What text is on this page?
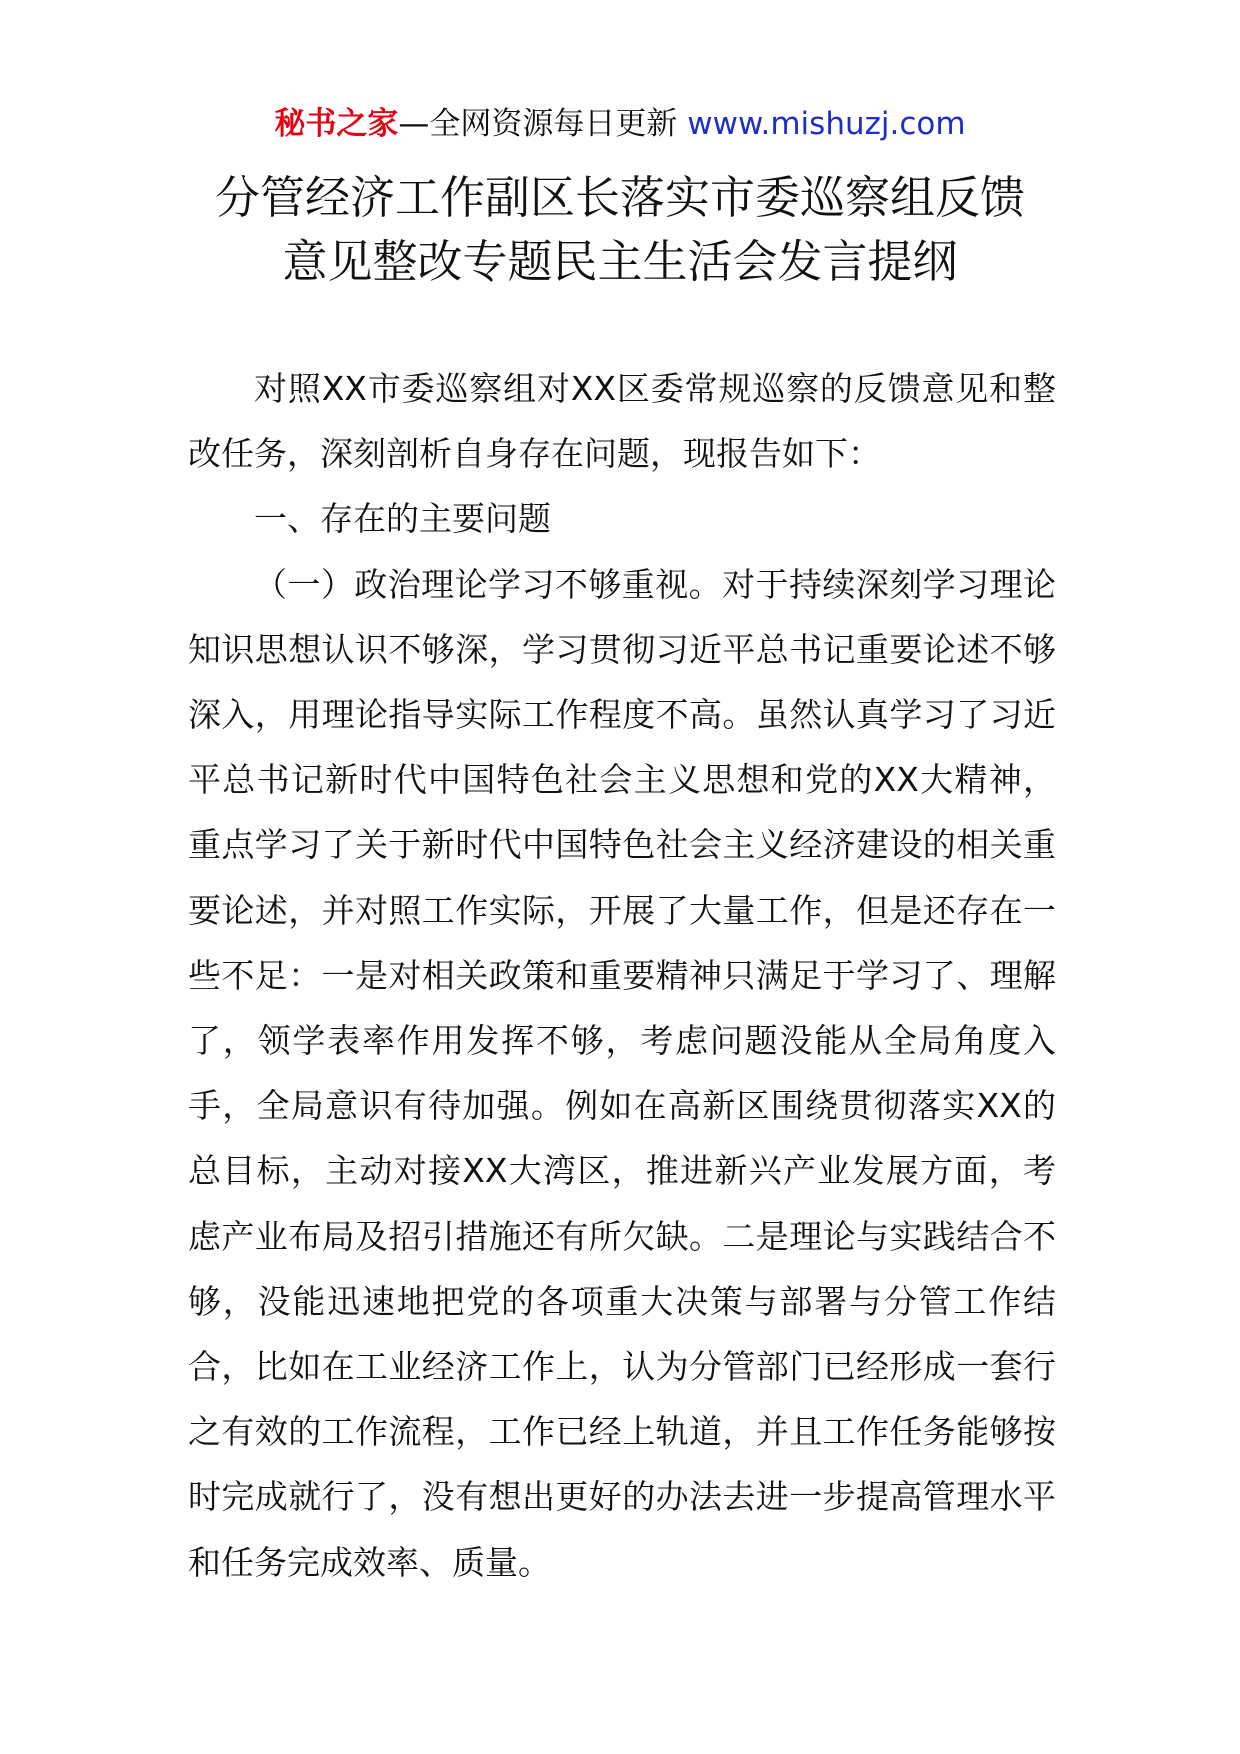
秘书之家—全网资源每日更新 www.mishuzj.com
分管经济工作副区长落实市委巡察组反馈
意见整改专题民主生活会发言提纲

对照XX市委巡察组对XX区委常规巡察的反馈意见和整改任务，深刻剖析自身存在问题，现报告如下：

一、存在的主要问题

（一）政治理论学习不够重视。对于持续深刻学习理论知识思想认识不够深，学习贯彻习近平总书记重要论述不够深入，用理论指导实际工作程度不高。虽然认真学习了习近平总书记新时代中国特色社会主义思想和党的XX大精神，重点学习了关于新时代中国特色社会主义经济建设的相关重要论述，并对照工作实际，开展了大量工作，但是还存在一些不足：一是对相关政策和重要精神只满足于学习了、理解了，领学表率作用发挥不够，考虑问题没能从全局角度入手，全局意识有待加强。例如在高新区围绕贯彻落实XX的总目标，主动对接XX大湾区，推进新兴产业发展方面，考虑产业布局及招引措施还有所欠缺。二是理论与实践结合不够，没能迅速地把党的各项重大决策与部署与分管工作结合，比如在工业经济工作上，认为分管部门已经形成一套行之有效的工作流程，工作已经上轨道，并且工作任务能够按时完成就行了，没有想出更好的办法去进一步提高管理水平和任务完成效率、质量。
